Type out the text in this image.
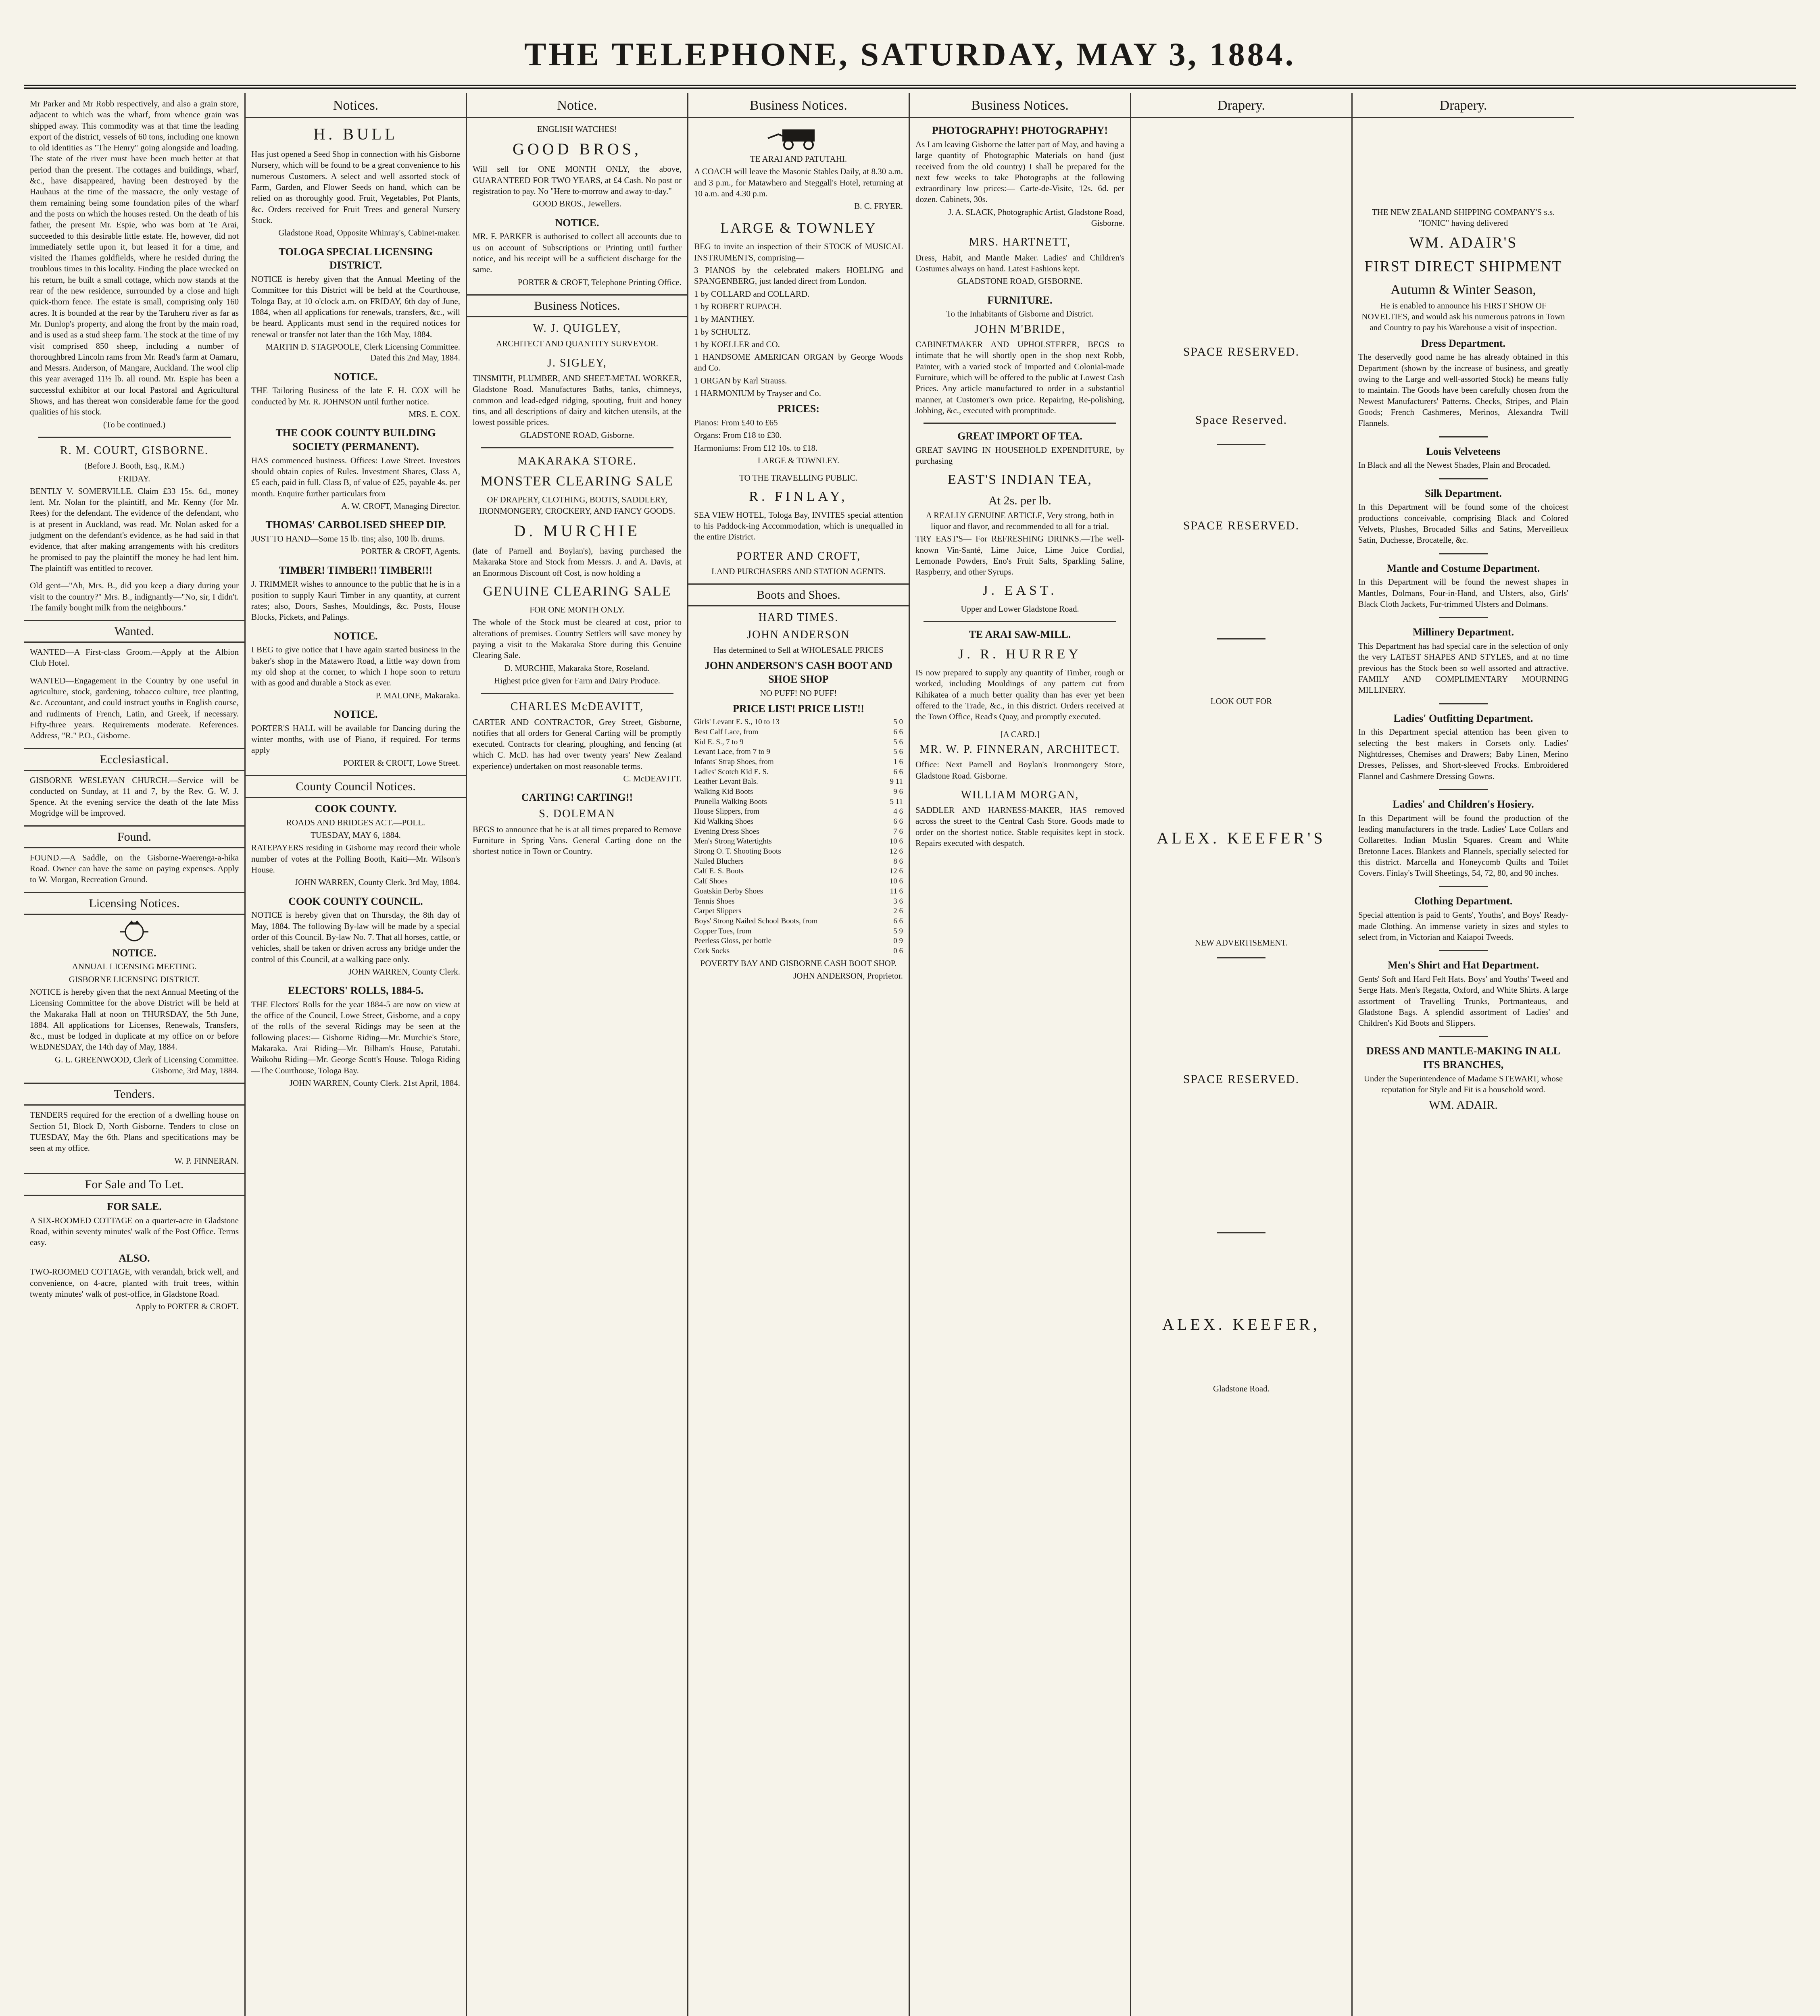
THE TELEPHONE, SATURDAY, MAY 3, 1884.

Mr Parker and Mr Robb respectively, and also a grain store, adjacent to which was the wharf, from whence grain was shipped away. This commodity was at that time the leading export of the district, vessels of 60 tons, including one known to old identities as "The Henry" going alongside and loading. The state of the river must have been much better at that period than the present. The cottages and buildings, wharf, &c., have disappeared, having been destroyed by the Hauhaus at the time of the massacre, the only vestage of them remaining being some foundation piles of the wharf and the posts on which the houses rested. On the death of his father, the present Mr. Espie, who was born at Te Arai, succeeded to this desirable little estate. He, however, did not immediately settle upon it, but leased it for a time, and visited the Thames goldfields, where he resided during the troublous times in this locality. Finding the place wrecked on his return, he built a small cottage, which now stands at the rear of the new residence, surrounded by a close and high quick-thorn fence. The estate is small, comprising only 160 acres. It is bounded at the rear by the Taruheru river as far as Mr. Dunlop's property, and along the front by the main road, and is used as a stud sheep farm. The stock at the time of my visit comprised 850 sheep, including a number of thoroughbred Lincoln rams from Mr. Read's farm at Oamaru, and Messrs. Anderson, of Mangare, Auckland. The wool clip this year averaged 11½ lb. all round. Mr. Espie has been a successful exhibitor at our local Pastoral and Agricultural Shows, and has thereat won considerable fame for the good qualities of his stock.

(To be continued.)

R. M. COURT, GISBORNE.

(Before J. Booth, Esq., R.M.)

FRIDAY.

BENTLY V. SOMERVILLE. Claim £33 15s. 6d., money lent. Mr. Nolan for the plaintiff, and Mr. Kenny (for Mr. Rees) for the defendant. The evidence of the defendant, who is at present in Auckland, was read. Mr. Nolan asked for a judgment on the defendant's evidence, as he had said in that evidence, that after making arrangements with his creditors he promised to pay the plaintiff the money he had lent him. The plaintiff was entitled to recover.

Old gent—"Ah, Mrs. B., did you keep a diary during your visit to the country?" Mrs. B., indignantly—"No, sir, I didn't. The family bought milk from the neighbours."

Wanted.

WANTED—A First-class Groom.—Apply at the Albion Club Hotel.

WANTED—Engagement in the Country by one useful in agriculture, stock, gardening, tobacco culture, tree planting, &c. Accountant, and could instruct youths in English course, and rudiments of French, Latin, and Greek, if necessary. Fifty-three years. Requirements moderate. References. Address, "R." P.O., Gisborne.

Ecclesiastical.

GISBORNE WESLEYAN CHURCH.—Service will be conducted on Sunday, at 11 and 7, by the Rev. G. W. J. Spence. At the evening service the death of the late Miss Mogridge will be improved.

Found.

FOUND.—A Saddle, on the Gisborne-Waerenga-a-hika Road. Owner can have the same on paying expenses. Apply to W. Morgan, Recreation Ground.

Licensing Notices.
NOTICE.

ANNUAL LICENSING MEETING.

GISBORNE LICENSING DISTRICT.

NOTICE is hereby given that the next Annual Meeting of the Licensing Committee for the above District will be held at the Makaraka Hall at noon on THURSDAY, the 5th June, 1884. All applications for Licenses, Renewals, Transfers, &c., must be lodged in duplicate at my office on or before WEDNESDAY, the 14th day of May, 1884.

G. L. GREENWOOD, Clerk of Licensing Committee. Gisborne, 3rd May, 1884.

Tenders.

TENDERS required for the erection of a dwelling house on Section 51, Block D, North Gisborne. Tenders to close on TUESDAY, May the 6th. Plans and specifications may be seen at my office.

W. P. FINNERAN.

For Sale and To Let.
FOR SALE.

A SIX-ROOMED COTTAGE on a quarter-acre in Gladstone Road, within seventy minutes' walk of the Post Office. Terms easy.

ALSO.

TWO-ROOMED COTTAGE, with verandah, brick well, and convenience, on 4-acre, planted with fruit trees, within twenty minutes' walk of post-office, in Gladstone Road.

Apply to PORTER & CROFT.

Notices.
H. BULL

Has just opened a Seed Shop in connection with his Gisborne Nursery, which will be found to be a great convenience to his numerous Customers. A select and well assorted stock of Farm, Garden, and Flower Seeds on hand, which can be relied on as thoroughly good. Fruit, Vegetables, Pot Plants, &c. Orders received for Fruit Trees and general Nursery Stock.

Gladstone Road, Opposite Whinray's, Cabinet-maker.

TOLOGA SPECIAL LICENSING DISTRICT.

NOTICE is hereby given that the Annual Meeting of the Committee for this District will be held at the Courthouse, Tologa Bay, at 10 o'clock a.m. on FRIDAY, 6th day of June, 1884, when all applications for renewals, transfers, &c., will be heard. Applicants must send in the required notices for renewal or transfer not later than the 16th May, 1884.

MARTIN D. STAGPOOLE, Clerk Licensing Committee. Dated this 2nd May, 1884.

NOTICE.

THE Tailoring Business of the late F. H. COX will be conducted by Mr. R. JOHNSON until further notice.

MRS. E. COX.

THE COOK COUNTY BUILDING SOCIETY (PERMANENT).

HAS commenced business. Offices: Lowe Street. Investors should obtain copies of Rules. Investment Shares, Class A, £5 each, paid in full. Class B, of value of £25, payable 4s. per month. Enquire further particulars from

A. W. CROFT, Managing Director.

THOMAS' CARBOLISED SHEEP DIP.

JUST TO HAND—Some 15 lb. tins; also, 100 lb. drums.

PORTER & CROFT, Agents.

TIMBER! TIMBER!! TIMBER!!!

J. TRIMMER wishes to announce to the public that he is in a position to supply Kauri Timber in any quantity, at current rates; also, Doors, Sashes, Mouldings, &c. Posts, House Blocks, Pickets, and Palings.

NOTICE.

I BEG to give notice that I have again started business in the baker's shop in the Matawero Road, a little way down from my old shop at the corner, to which I hope soon to return with as good and durable a Stock as ever.

P. MALONE, Makaraka.

NOTICE.

PORTER'S HALL will be available for Dancing during the winter months, with use of Piano, if required. For terms apply

PORTER & CROFT, Lowe Street.

County Council Notices.
COOK COUNTY.

ROADS AND BRIDGES ACT.—POLL.

TUESDAY, MAY 6, 1884.

RATEPAYERS residing in Gisborne may record their whole number of votes at the Polling Booth, Kaiti—Mr. Wilson's House.

JOHN WARREN, County Clerk. 3rd May, 1884.

COOK COUNTY COUNCIL.

NOTICE is hereby given that on Thursday, the 8th day of May, 1884. The following By-law will be made by a special order of this Council. By-law No. 7. That all horses, cattle, or vehicles, shall be taken or driven across any bridge under the control of this Council, at a walking pace only.

JOHN WARREN, County Clerk.

ELECTORS' ROLLS, 1884-5.

THE Electors' Rolls for the year 1884-5 are now on view at the office of the Council, Lowe Street, Gisborne, and a copy of the rolls of the several Ridings may be seen at the following places:— Gisborne Riding—Mr. Murchie's Store, Makaraka. Arai Riding—Mr. Bilham's House, Patutahi. Waikohu Riding—Mr. George Scott's House. Tologa Riding—The Courthouse, Tologa Bay.

JOHN WARREN, County Clerk. 21st April, 1884.

Notice.

ENGLISH WATCHES!

GOOD BROS,

Will sell for ONE MONTH ONLY, the above, GUARANTEED FOR TWO YEARS, at £4 Cash. No post or registration to pay. No "Here to-morrow and away to-day."

GOOD BROS., Jewellers.

NOTICE.

MR. F. PARKER is authorised to collect all accounts due to us on account of Subscriptions or Printing until further notice, and his receipt will be a sufficient discharge for the same.

PORTER & CROFT, Telephone Printing Office.

Business Notices.
W. J. QUIGLEY,

ARCHITECT AND QUANTITY SURVEYOR.

J. SIGLEY,

TINSMITH, PLUMBER, AND SHEET-METAL WORKER, Gladstone Road. Manufactures Baths, tanks, chimneys, common and lead-edged ridging, spouting, fruit and honey tins, and all descriptions of dairy and kitchen utensils, at the lowest possible prices.

GLADSTONE ROAD, Gisborne.

MAKARAKA STORE.
MONSTER CLEARING SALE

OF DRAPERY, CLOTHING, BOOTS, SADDLERY, IRONMONGERY, CROCKERY, AND FANCY GOODS.

D. MURCHIE

(late of Parnell and Boylan's), having purchased the Makaraka Store and Stock from Messrs. J. and A. Davis, at an Enormous Discount off Cost, is now holding a

GENUINE CLEARING SALE

FOR ONE MONTH ONLY.

The whole of the Stock must be cleared at cost, prior to alterations of premises. Country Settlers will save money by paying a visit to the Makaraka Store during this Genuine Clearing Sale.

D. MURCHIE, Makaraka Store, Roseland.

Highest price given for Farm and Dairy Produce.

CHARLES McDEAVITT,

CARTER AND CONTRACTOR, Grey Street, Gisborne, notifies that all orders for General Carting will be promptly executed. Contracts for clearing, ploughing, and fencing (at which C. McD. has had over twenty years' New Zealand experience) undertaken on most reasonable terms.

C. McDEAVITT.

CARTING! CARTING!!
S. DOLEMAN

BEGS to announce that he is at all times prepared to Remove Furniture in Spring Vans. General Carting done on the shortest notice in Town or Country.

Business Notices.

TE ARAI AND PATUTAHI.

A COACH will leave the Masonic Stables Daily, at 8.30 a.m. and 3 p.m., for Matawhero and Steggall's Hotel, returning at 10 a.m. and 4.30 p.m.

B. C. FRYER.

LARGE & TOWNLEY

BEG to invite an inspection of their STOCK of MUSICAL INSTRUMENTS, comprising—

3 PIANOS by the celebrated makers HOELING and SPANGENBERG, just landed direct from London.

1 by COLLARD and COLLARD.

1 by ROBERT RUPACH.

1 by MANTHEY.

1 by SCHULTZ.

1 by KOELLER and CO.

1 HANDSOME AMERICAN ORGAN by George Woods and Co.

1 ORGAN by Karl Strauss.

1 HARMONIUM by Trayser and Co.

PRICES:

Pianos: From £40 to £65

Organs: From £18 to £30.

Harmoniums: From £12 10s. to £18.

LARGE & TOWNLEY.

TO THE TRAVELLING PUBLIC.

R. FINLAY,

SEA VIEW HOTEL, Tologa Bay, INVITES special attention to his Paddock-ing Accommodation, which is unequalled in the entire District.

PORTER AND CROFT,

LAND PURCHASERS AND STATION AGENTS.

Boots and Shoes.
HARD TIMES.
JOHN ANDERSON

Has determined to Sell at WHOLESALE PRICES

JOHN ANDERSON'S CASH BOOT AND SHOE SHOP

NO PUFF! NO PUFF!

PRICE LIST! PRICE LIST!!
Girls' Levant E. S., 10 to 13	5 0
Best Calf Lace, from	6 6
Kid E. S., 7 to 9	5 6
Levant Lace, from 7 to 9	5 6
Infants' Strap Shoes, from	1 6
Ladies' Scotch Kid E. S.	6 6
Leather Levant Bals.	9 11
Walking Kid Boots	9 6
Prunella Walking Boots	5 11
House Slippers, from	4 6
Kid Walking Shoes	6 6
Evening Dress Shoes	7 6
Men's Strong Watertights	10 6
Strong O. T. Shooting Boots	12 6
Nailed Bluchers	8 6
Calf E. S. Boots	12 6
Calf Shoes	10 6
Goatskin Derby Shoes	11 6
Tennis Shoes	3 6
Carpet Slippers	2 6
Boys' Strong Nailed School Boots, from	6 6
Copper Toes, from	5 9
Peerless Gloss, per bottle	0 9
Cork Socks	0 6

POVERTY BAY AND GISBORNE CASH BOOT SHOP.

JOHN ANDERSON, Proprietor.

Business Notices.
PHOTOGRAPHY! PHOTOGRAPHY!

As I am leaving Gisborne the latter part of May, and having a large quantity of Photographic Materials on hand (just received from the old country) I shall be prepared for the next few weeks to take Photographs at the following extraordinary low prices:— Carte-de-Visite, 12s. 6d. per dozen. Cabinets, 30s.

J. A. SLACK, Photographic Artist, Gladstone Road, Gisborne.

MRS. HARTNETT,

Dress, Habit, and Mantle Maker. Ladies' and Children's Costumes always on hand. Latest Fashions kept.

GLADSTONE ROAD, GISBORNE.

FURNITURE.

To the Inhabitants of Gisborne and District.

JOHN M'BRIDE,

CABINETMAKER AND UPHOLSTERER, BEGS to intimate that he will shortly open in the shop next Robb, Painter, with a varied stock of Imported and Colonial-made Furniture, which will be offered to the public at Lowest Cash Prices. Any article manufactured to order in a substantial manner, at Customer's own price. Repairing, Re-polishing, Jobbing, &c., executed with promptitude.

GREAT IMPORT OF TEA.

GREAT SAVING IN HOUSEHOLD EXPENDITURE, by purchasing

EAST'S INDIAN TEA,

At 2s. per lb.

A REALLY GENUINE ARTICLE, Very strong, both in liquor and flavor, and recommended to all for a trial.

TRY EAST'S— For REFRESHING DRINKS.—The well-known Vin-Santé, Lime Juice, Lime Juice Cordial, Lemonade Powders, Eno's Fruit Salts, Sparkling Saline, Raspberry, and other Syrups.

J. EAST.

Upper and Lower Gladstone Road.

TE ARAI SAW-MILL.
J. R. HURREY

IS now prepared to supply any quantity of Timber, rough or worked, including Mouldings of any pattern cut from Kihikatea of a much better quality than has ever yet been offered to the Trade, &c., in this district. Orders received at the Town Office, Read's Quay, and promptly executed.

[A CARD.]

MR. W. P. FINNERAN, ARCHITECT.

Office: Next Parnell and Boylan's Ironmongery Store, Gladstone Road. Gisborne.

WILLIAM MORGAN,

SADDLER AND HARNESS-MAKER, HAS removed across the street to the Central Cash Store. Goods made to order on the shortest notice. Stable requisites kept in stock. Repairs executed with despatch.

Drapery.
SPACE RESERVED.
Space Reserved.
SPACE RESERVED.

LOOK OUT FOR

ALEX. KEEFER'S

NEW ADVERTISEMENT.

SPACE RESERVED.
ALEX. KEEFER,

Gladstone Road.

Drapery.

THE NEW ZEALAND SHIPPING COMPANY'S s.s. "IONIC" having delivered

WM. ADAIR'S
FIRST DIRECT SHIPMENT

Autumn & Winter Season,

He is enabled to announce his FIRST SHOW OF NOVELTIES, and would ask his numerous patrons in Town and Country to pay his Warehouse a visit of inspection.

Dress Department.

The deservedly good name he has already obtained in this Department (shown by the increase of business, and greatly owing to the Large and well-assorted Stock) he means fully to maintain. The Goods have been carefully chosen from the Newest Manufacturers' Patterns. Checks, Stripes, and Plain Goods; French Cashmeres, Merinos, Alexandra Twill Flannels.

Louis Velveteens

In Black and all the Newest Shades, Plain and Brocaded.

Silk Department.

In this Department will be found some of the choicest productions conceivable, comprising Black and Colored Velvets, Plushes, Brocaded Silks and Satins, Merveilleux Satin, Duchesse, Brocatelle, &c.

Mantle and Costume Department.

In this Department will be found the newest shapes in Mantles, Dolmans, Four-in-Hand, and Ulsters, also, Girls' Black Cloth Jackets, Fur-trimmed Ulsters and Dolmans.

Millinery Department.

This Department has had special care in the selection of only the very LATEST SHAPES AND STYLES, and at no time previous has the Stock been so well assorted and attractive. FAMILY AND COMPLIMENTARY MOURNING MILLINERY.

Ladies' Outfitting Department.

In this Department special attention has been given to selecting the best makers in Corsets only. Ladies' Nightdresses, Chemises and Drawers; Baby Linen, Merino Dresses, Pelisses, and Short-sleeved Frocks. Embroidered Flannel and Cashmere Dressing Gowns.

Ladies' and Children's Hosiery.

In this Department will be found the production of the leading manufacturers in the trade. Ladies' Lace Collars and Collarettes. Indian Muslin Squares. Cream and White Bretonne Laces. Blankets and Flannels, specially selected for this district. Marcella and Honeycomb Quilts and Toilet Covers. Finlay's Twill Sheetings, 54, 72, 80, and 90 inches.

Clothing Department.

Special attention is paid to Gents', Youths', and Boys' Ready-made Clothing. An immense variety in sizes and styles to select from, in Victorian and Kaiapoi Tweeds.

Men's Shirt and Hat Department.

Gents' Soft and Hard Felt Hats. Boys' and Youths' Tweed and Serge Hats. Men's Regatta, Oxford, and White Shirts. A large assortment of Travelling Trunks, Portmanteaus, and Gladstone Bags. A splendid assortment of Ladies' and Children's Kid Boots and Slippers.

DRESS AND MANTLE-MAKING IN ALL ITS BRANCHES,

Under the Superintendence of Madame STEWART, whose reputation for Style and Fit is a household word.

WM. ADAIR.
